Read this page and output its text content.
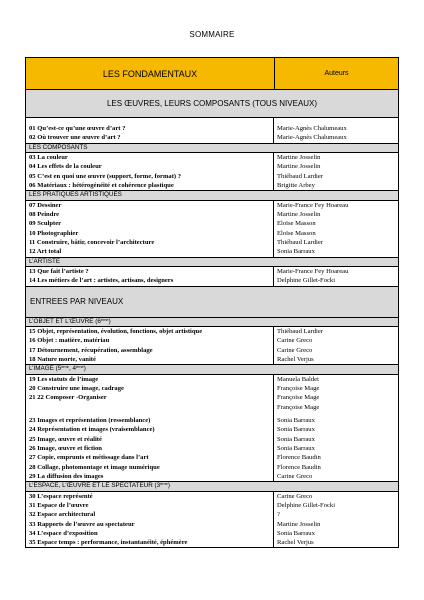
SOMMAIRE
LES FONDAMENTAUX	Auteurs
LES ŒUVRES, LEURS COMPOSANTS (TOUS NIVEAUX)
01 Qu’est-ce qu’une œuvre d’art ?	Marie-Agnès Chalumeaux
02 Où trouver une œuvre d’art ?	Marie-Agnès Chalumeaux
LES COMPOSANTS
03 La couleur	Martine Josselin
04 Les effets de la couleur	Martine Josselin
05 C’est en quoi une œuvre (support, forme, format) ?	Thiébaud Lardier
06 Matériaux : hétérogénéité et cohérence plastique	Brigitte Arbey
LES PRATIQUES ARTISTIQUES
07 Dessiner	Marie-France Fey Hoareau
08 Peindre	Martine Josselin
09 Sculpter	Eloïse Masson
10 Photographier	Eloïse Masson
11 Construire, bâtir, concevoir l’architecture	Thiébaud Lardier
12 Art total	Sonia Barraux
L’ARTISTE
13 Que fait l’artiste ?	Marie-France Fey Hoareau
14 Les métiers de l’art : artistes, artisans, designers	Delphine Gillet-Focki
ENTREES PAR NIVEAUX
L’OBJET ET L’ŒUVRE (6ème)
15 Objet, représentation, évolution, fonctions, objet artistique	Thiébaud Lardier
16 Objet : matière, matériau	Carine Greco
17 Détournement, récupération, assemblage	Carine Greco
18 Nature morte, vanité	Rachel Verjus
L’IMAGE (5ème, 4ème)
19 Les statuts de l’image	Manuela Baldet
20 Construire une image, cadrage	Françoise Mage
21 22 Composer -Organiser	Françoise Mage
Françoise Mage
23 Images et représentation (ressemblance)	Sonia Barraux
24 Représentation et images (vraisemblance)	Sonia Barraux
25 Image, œuvre et réalité	Sonia Barraux
26 Image, œuvre et fiction	Sonia Barraux
27 Copie, emprunts et métissage dans l’art	Florence Baudin
28 Collage, photomontage et image numérique	Florence Baudin
29 La diffusion des images	Carine Greco
L’ESPACE, L’ŒUVRE ET LE SPECTATEUR (3ème)
30 L’espace représenté	Carine Greco
31 Espace de l’œuvre	Delphine Gillet-Focki
32 Espace architectural	?
33 Rapports de l’œuvre au spectateur	Martine Josselin
34 L’espace d’exposition	Sonia Barraux
35 Espace temps : performance, instantanéité, éphémère	Rachel Verjus
